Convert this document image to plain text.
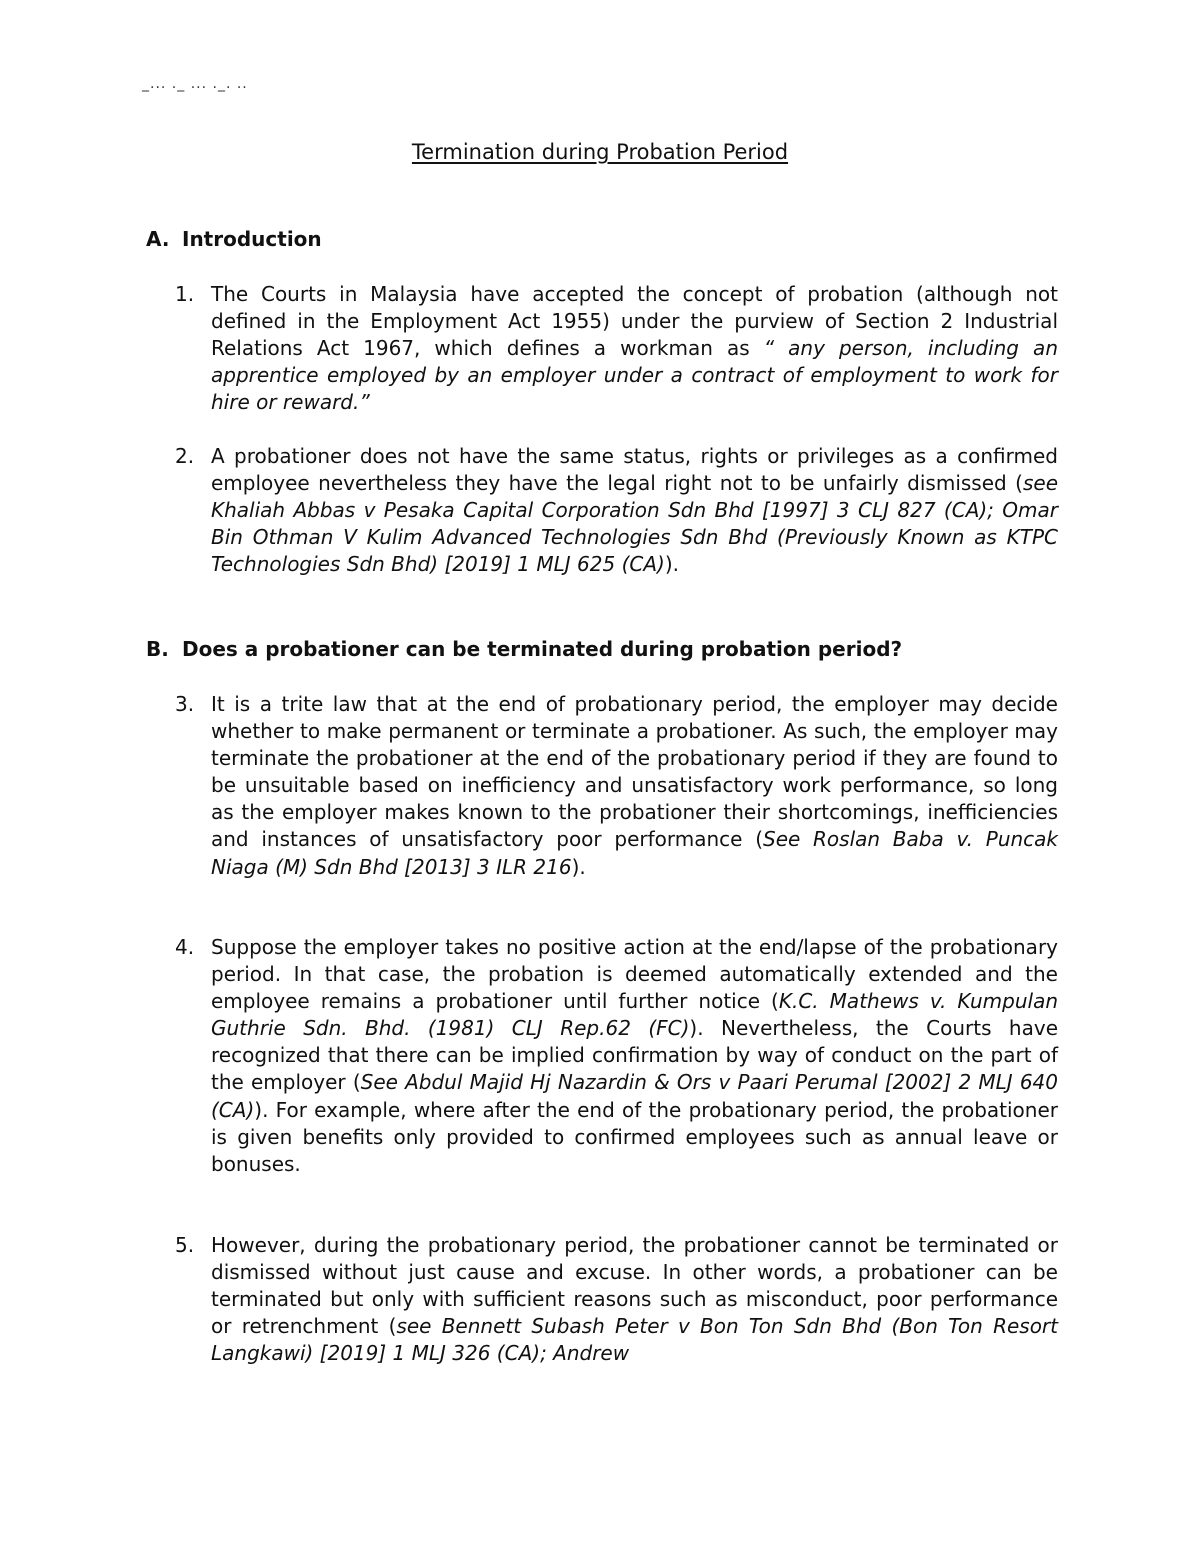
_... ._ ... ._. ..
Termination during Probation Period
A. Introduction
1. The Courts in Malaysia have accepted the concept of probation (although not defined in the Employment Act 1955) under the purview of Section 2 Industrial Relations Act 1967, which defines a workman as “ any person, including an apprentice employed by an employer under a contract of employment to work for hire or reward.”
2. A probationer does not have the same status, rights or privileges as a confirmed employee nevertheless they have the legal right not to be unfairly dismissed (see Khaliah Abbas v Pesaka Capital Corporation Sdn Bhd [1997] 3 CLJ 827 (CA); Omar Bin Othman V Kulim Advanced Technologies Sdn Bhd (Previously Known as KTPC Technologies Sdn Bhd) [2019] 1 MLJ 625 (CA)).
B. Does a probationer can be terminated during probation period?
3. It is a trite law that at the end of probationary period, the employer may decide whether to make permanent or terminate a probationer. As such, the employer may terminate the probationer at the end of the probationary period if they are found to be unsuitable based on inefficiency and unsatisfactory work performance, so long as the employer makes known to the probationer their shortcomings, inefficiencies and instances of unsatisfactory poor performance (See Roslan Baba v. Puncak Niaga (M) Sdn Bhd [2013] 3 ILR 216).
4. Suppose the employer takes no positive action at the end/lapse of the probationary period. In that case, the probation is deemed automatically extended and the employee remains a probationer until further notice (K.C. Mathews v. Kumpulan Guthrie Sdn. Bhd. (1981) CLJ Rep.62 (FC)). Nevertheless, the Courts have recognized that there can be implied confirmation by way of conduct on the part of the employer (See Abdul Majid Hj Nazardin & Ors v Paari Perumal [2002] 2 MLJ 640 (CA)). For example, where after the end of the probationary period, the probationer is given benefits only provided to confirmed employees such as annual leave or bonuses.
5. However, during the probationary period, the probationer cannot be terminated or dismissed without just cause and excuse. In other words, a probationer can be terminated but only with sufficient reasons such as misconduct, poor performance or retrenchment (see Bennett Subash Peter v Bon Ton Sdn Bhd (Bon Ton Resort Langkawi) [2019] 1 MLJ 326 (CA); Andrew
